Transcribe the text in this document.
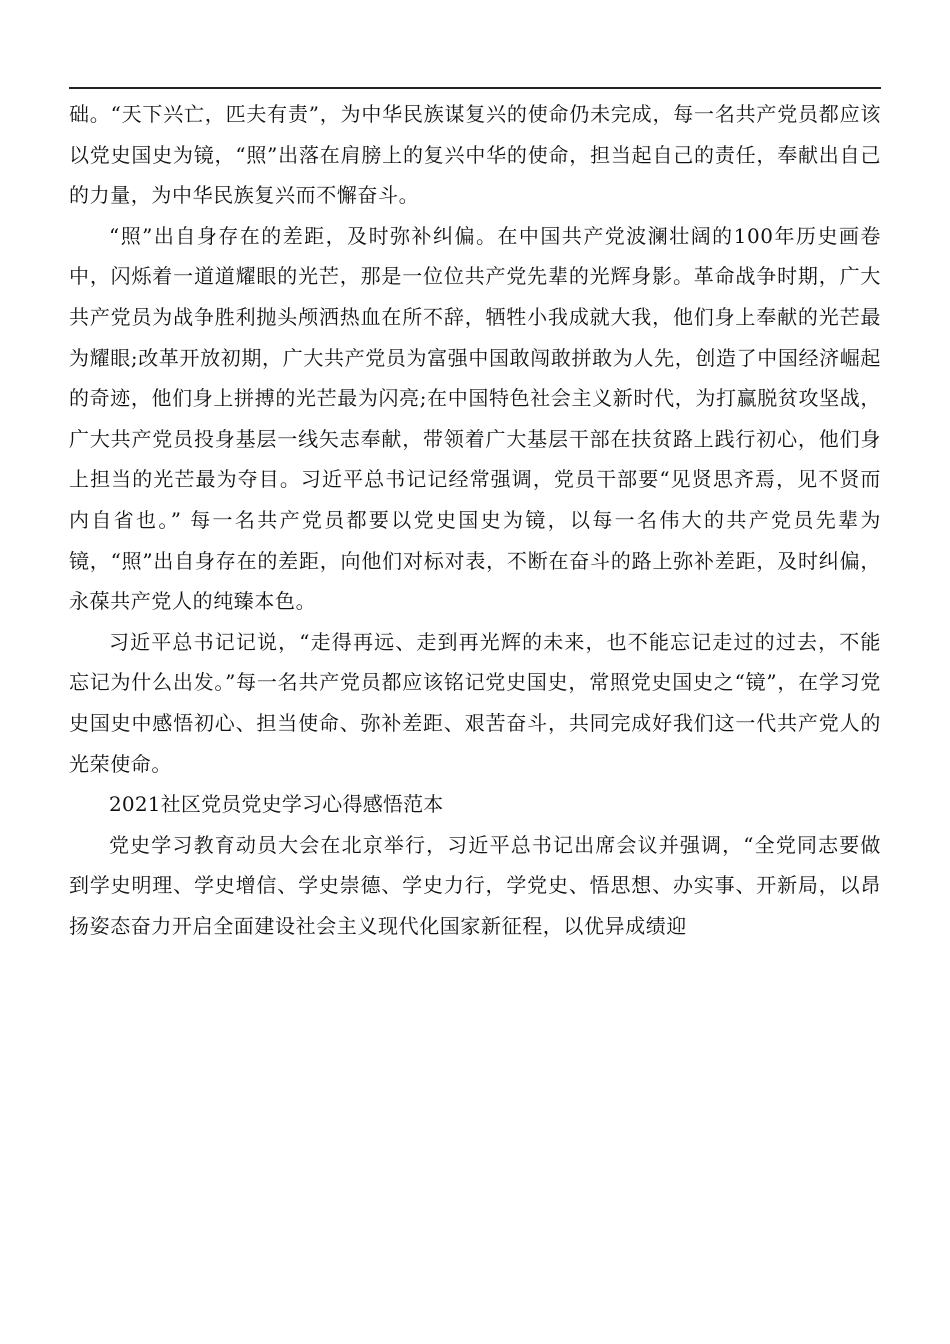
础。“天下兴亡，匹夫有责”，为中华民族谋复兴的使命仍未完成，每一名共产党员都应该以党史国史为镜，“照”出落在肩膀上的复兴中华的使命，担当起自己的责任，奉献出自己的力量，为中华民族复兴而不懈奋斗。

“照”出自身存在的差距，及时弥补纠偏。在中国共产党波澜壮阔的100年历史画卷中，闪烁着一道道耀眼的光芒，那是一位位共产党先辈的光辉身影。革命战争时期，广大共产党员为战争胜利抛头颅洒热血在所不辞，牺牲小我成就大我，他们身上奉献的光芒最为耀眼;改革开放初期，广大共产党员为富强中国敢闯敢拼敢为人先，创造了中国经济崛起的奇迹，他们身上拼搏的光芒最为闪亮;在中国特色社会主义新时代，为打赢脱贫攻坚战，广大共产党员投身基层一线矢志奉献，带领着广大基层干部在扶贫路上践行初心，他们身上担当的光芒最为夺目。习近平总书记记经常强调，党员干部要“见贤思齐焉，见不贤而内自省也。” 每一名共产党员都要以党史国史为镜，以每一名伟大的共产党员先辈为镜，“照”出自身存在的差距，向他们对标对表，不断在奋斗的路上弥补差距，及时纠偏，永葆共产党人的纯臻本色。

习近平总书记记说，“走得再远、走到再光辉的未来，也不能忘记走过的过去，不能忘记为什么出发。”每一名共产党员都应该铭记党史国史，常照党史国史之“镜”，在学习党史国史中感悟初心、担当使命、弥补差距、艰苦奋斗，共同完成好我们这一代共产党人的光荣使命。

2021社区党员党史学习心得感悟范本

党史学习教育动员大会在北京举行，习近平总书记出席会议并强调，“全党同志要做到学史明理、学史增信、学史崇德、学史力行，学党史、悟思想、办实事、开新局，以昂扬姿态奋力开启全面建设社会主义现代化国家新征程，以优异成绩迎
